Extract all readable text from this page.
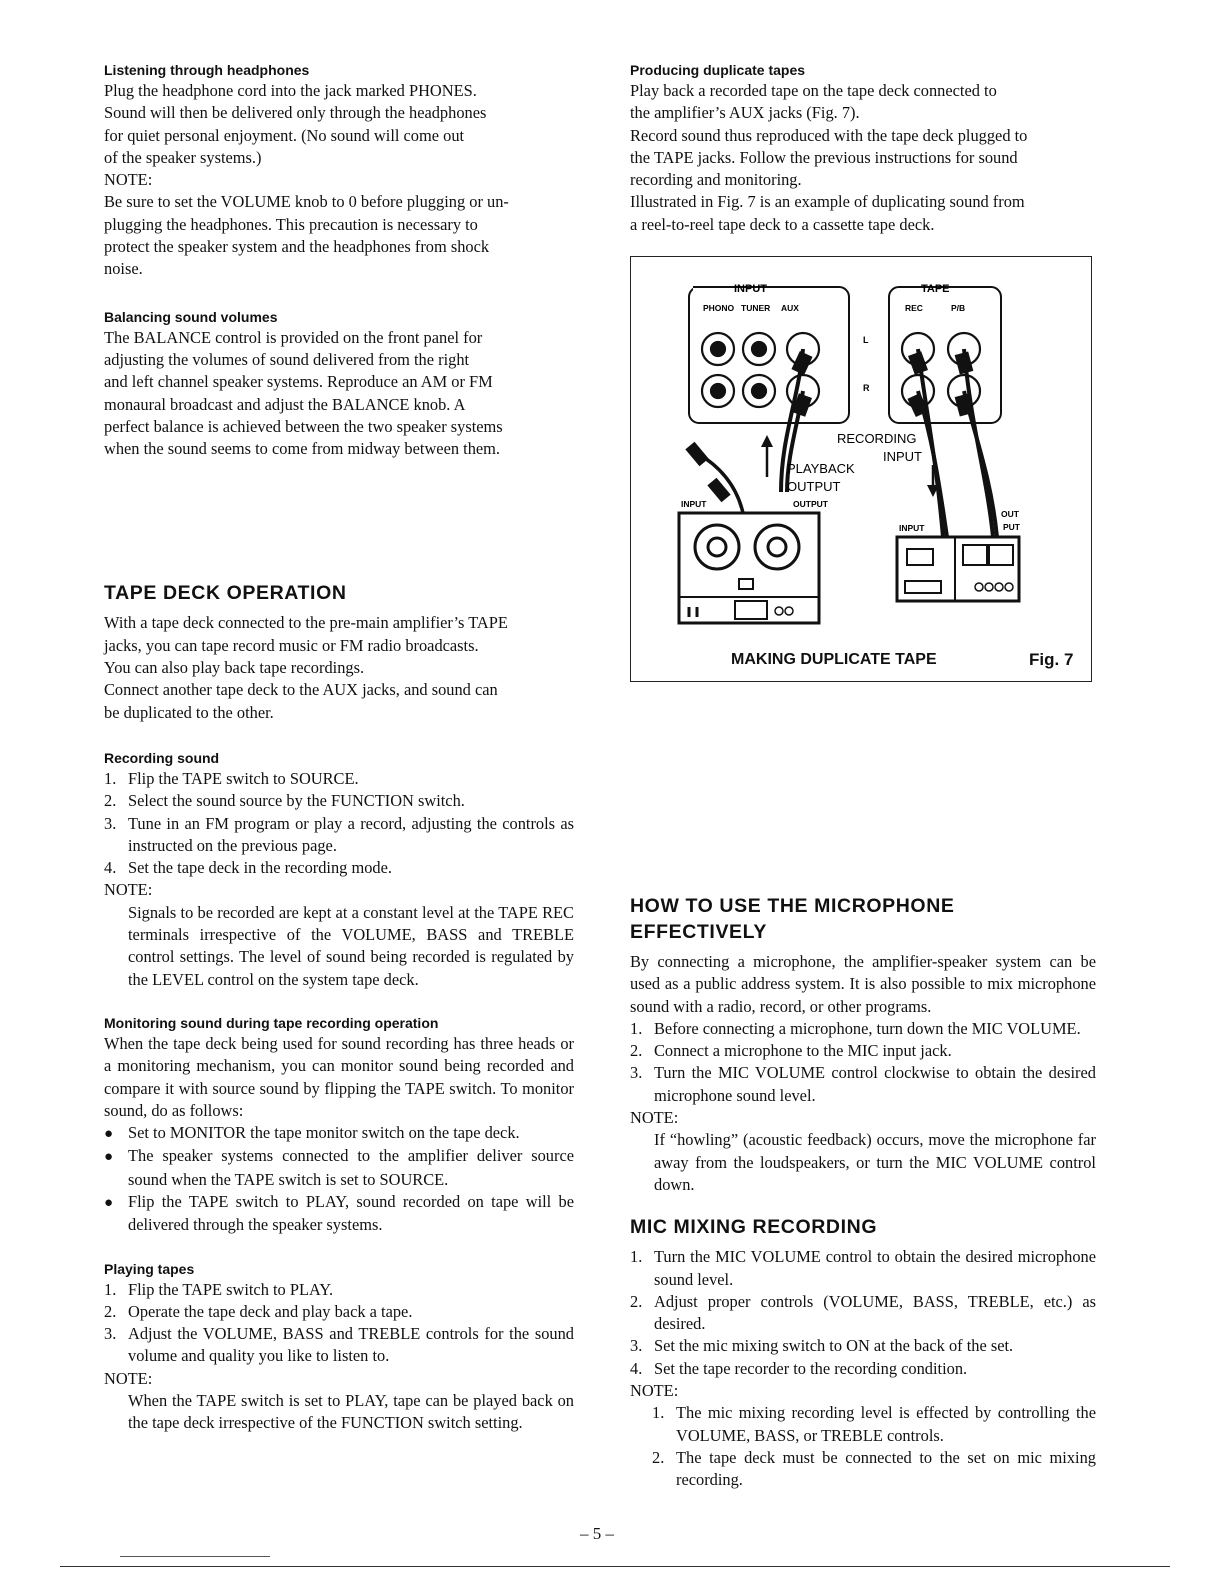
Listening through headphones

Plug the headphone cord into the jack marked PHONES.

Sound will then be delivered only through the headphones

for quiet personal enjoyment. (No sound will come out

of the speaker systems.)

NOTE:

Be sure to set the VOLUME knob to 0 before plugging or un-

plugging the headphones. This precaution is necessary to

protect the speaker system and the headphones from shock

noise.

Balancing sound volumes

The BALANCE control is provided on the front panel for

adjusting the volumes of sound delivered from the right

and left channel speaker systems. Reproduce an AM or FM

monaural broadcast and adjust the BALANCE knob. A

perfect balance is achieved between the two speaker systems

when the sound seems to come from midway between them.

TAPE DECK OPERATION

With a tape deck connected to the pre-main amplifier’s TAPE

jacks, you can tape record music or FM radio broadcasts.

You can also play back tape recordings.

Connect another tape deck to the AUX jacks, and sound can

be duplicated to the other.

Recording sound

1. Flip the TAPE switch to SOURCE.
2. Select the sound source by the FUNCTION switch.
3. Tune in an FM program or play a record, adjusting the controls as instructed on the previous page.
4. Set the tape deck in the recording mode.

NOTE:

Signals to be recorded are kept at a constant level at the TAPE REC terminals irrespective of the VOLUME, BASS and TREBLE control settings. The level of sound being recorded is regulated by the LEVEL control on the system tape deck.

Monitoring sound during tape recording operation

When the tape deck being used for sound recording has three heads or a monitoring mechanism, you can monitor sound being recorded and compare it with source sound by flipping the TAPE switch. To monitor sound, do as follows:

● Set to MONITOR the tape monitor switch on the tape deck.
● The speaker systems connected to the amplifier deliver source sound when the TAPE switch is set to SOURCE.
● Flip the TAPE switch to PLAY, sound recorded on tape will be delivered through the speaker systems.

Playing tapes

1. Flip the TAPE switch to PLAY.
2. Operate the tape deck and play back a tape.
3. Adjust the VOLUME, BASS and TREBLE controls for the sound volume and quality you like to listen to.

NOTE:

When the TAPE switch is set to PLAY, tape can be played back on the tape deck irrespective of the FUNCTION switch setting.

Producing duplicate tapes

Play back a recorded tape on the tape deck connected to

the amplifier’s AUX jacks (Fig. 7).

Record sound thus reproduced with the tape deck plugged to

the TAPE jacks. Follow the previous instructions for sound

recording and monitoring.

Illustrated in Fig. 7 is an example of duplicating sound from

a reel-to-reel tape deck to a cassette tape deck.

INPUT
PHONO TUNER AUX
L
R
TAPE
REC	P/B
RECORDING
INPUT
PLAYBACK
OUTPUT
INPUT	OUTPUT
INPUT
OUT
PUT
MAKING DUPLICATE TAPE	Fig. 7
HOW TO USE THE MICROPHONE EFFECTIVELY

By connecting a microphone, the amplifier-speaker system can be used as a public address system. It is also possible to mix microphone sound with a radio, record, or other programs.

1. Before connecting a microphone, turn down the MIC VOLUME.
2. Connect a microphone to the MIC input jack.
3. Turn the MIC VOLUME control clockwise to obtain the desired microphone sound level.

NOTE:

If “howling” (acoustic feedback) occurs, move the microphone far away from the loudspeakers, or turn the MIC VOLUME control down.

MIC MIXING RECORDING
1. Turn the MIC VOLUME control to obtain the desired microphone sound level.
2. Adjust proper controls (VOLUME, BASS, TREBLE, etc.) as desired.
3. Set the mic mixing switch to ON at the back of the set.
4. Set the tape recorder to the recording condition.

NOTE:

1. The mic mixing recording level is effected by controlling the VOLUME, BASS, or TREBLE controls.
2. The tape deck must be connected to the set on mic mixing recording.
– 5 –
